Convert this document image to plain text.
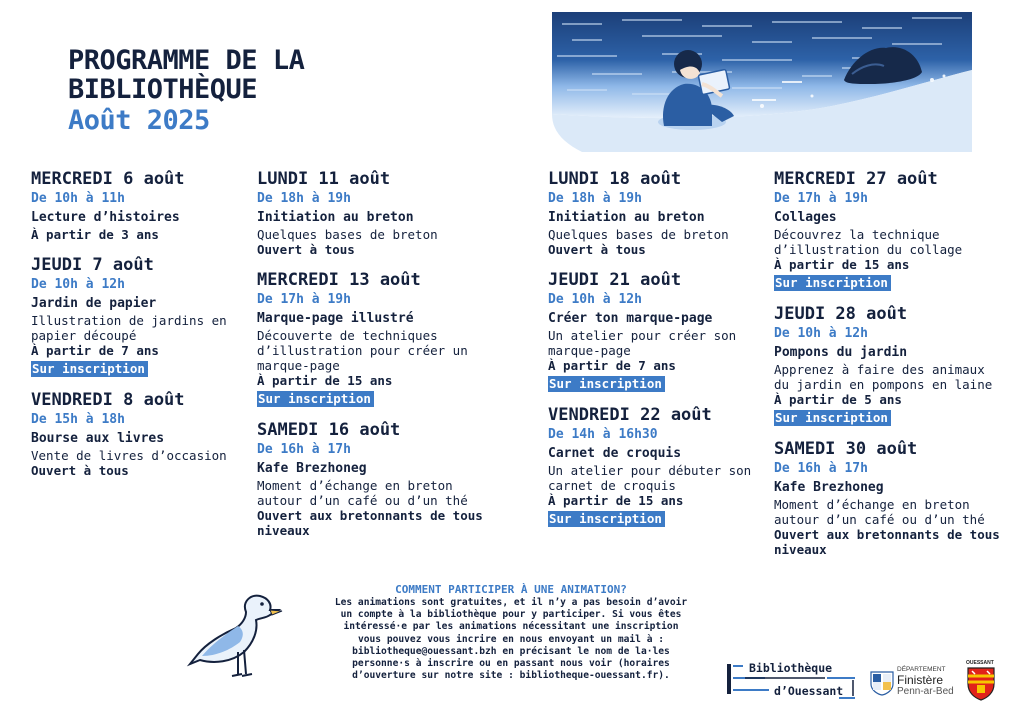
PROGRAMME DE LA
BIBLIOTHÈQUE
Août 2025
MERCREDI 6 août
De 10h à 11h
Lecture d’histoires
À partir de 3 ans
JEUDI 7 août
De 10h à 12h
Jardin de papier
Illustration de jardins en papier découpé
À partir de 7 ans
Sur inscription
VENDREDI 8 août
De 15h à 18h
Bourse aux livres
Vente de livres d’occasion
Ouvert à tous
LUNDI 11 août
De 18h à 19h
Initiation au breton
Quelques bases de breton
Ouvert à tous
MERCREDI 13 août
De 17h à 19h
Marque-page illustré
Découverte de techniques d’illustration pour créer un marque-page
À partir de 15 ans
Sur inscription
SAMEDI 16 août
De 16h à 17h
Kafe Brezhoneg
Moment d’échange en breton autour d’un café ou d’un thé
Ouvert aux bretonnants de tous niveaux
LUNDI 18 août
De 18h à 19h
Initiation au breton
Quelques bases de breton
Ouvert à tous
JEUDI 21 août
De 10h à 12h
Créer ton marque-page
Un atelier pour créer son marque-page
À partir de 7 ans
Sur inscription
VENDREDI 22 août
De 14h à 16h30
Carnet de croquis
Un atelier pour débuter son carnet de croquis
À partir de 15 ans
Sur inscription
MERCREDI 27 août
De 17h à 19h
Collages
Découvrez la technique d’illustration du collage
À partir de 15 ans
Sur inscription
JEUDI 28 août
De 10h à 12h
Pompons du jardin
Apprenez à faire des animaux du jardin en pompons en laine
À partir de 5 ans
Sur inscription
SAMEDI 30 août
De 16h à 17h
Kafe Brezhoneg
Moment d’échange en breton autour d’un café ou d’un thé
Ouvert aux bretonnants de tous niveaux
COMMENT PARTICIPER À UNE ANIMATION?
Les animations sont gratuites, et il n’y a pas besoin d’avoir un compte à la bibliothèque pour y participer. Si vous êtes intéressé·e par les animations nécessitant une inscription vous pouvez vous incrire en nous envoyant un mail à : bibliotheque@ouessant.bzh en précisant le nom de la·les personne·s à inscrire ou en passant nous voir (horaires d’ouverture sur notre site : bibliotheque-ouessant.fr).
Bibliothèque
d’Ouessant
DÉPARTEMENT
Finistère
Penn-ar-Bed
OUESSANT
